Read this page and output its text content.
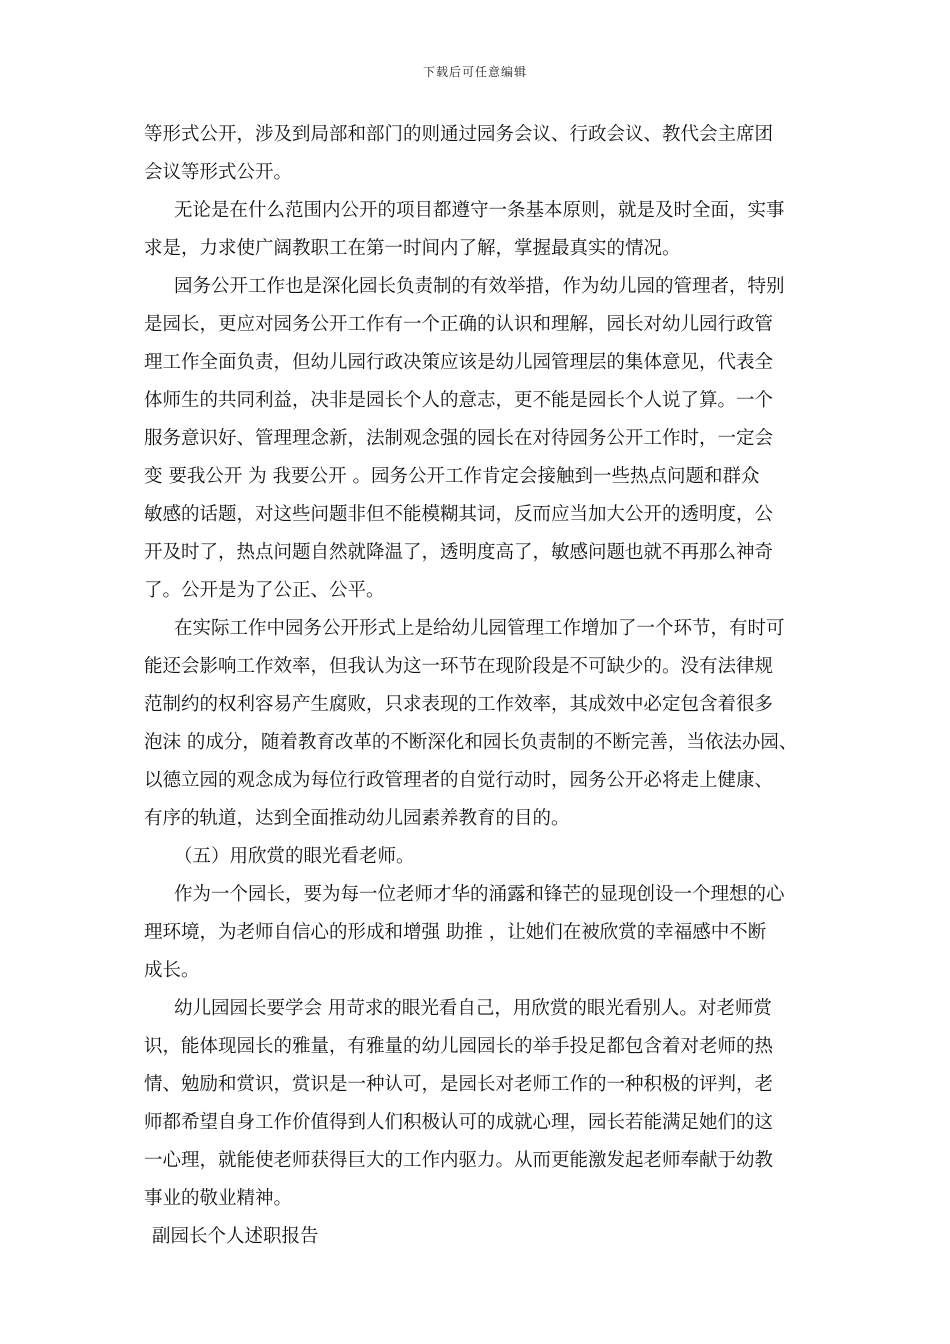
下载后可任意编辑
等形式公开，涉及到局部和部门的则通过园务会议、行政会议、教代会主席团
会议等形式公开。
无论是在什么范围内公开的项目都遵守一条基本原则，就是及时全面，实事
求是，力求使广阔教职工在第一时间内了解，掌握最真实的情况。
园务公开工作也是深化园长负责制的有效举措，作为幼儿园的管理者，特别
是园长，更应对园务公开工作有一个正确的认识和理解，园长对幼儿园行政管
理工作全面负责，但幼儿园行政决策应该是幼儿园管理层的集体意见，代表全
体师生的共同利益，决非是园长个人的意志，更不能是园长个人说了算。一个
服务意识好、管理理念新，法制观念强的园长在对待园务公开工作时，一定会
变 要我公开 为 我要公开 。园务公开工作肯定会接触到一些热点问题和群众
敏感的话题，对这些问题非但不能模糊其词，反而应当加大公开的透明度，公
开及时了，热点问题自然就降温了，透明度高了，敏感问题也就不再那么神奇
了。公开是为了公正、公平。
在实际工作中园务公开形式上是给幼儿园管理工作增加了一个环节，有时可
能还会影响工作效率，但我认为这一环节在现阶段是不可缺少的。没有法律规
范制约的权利容易产生腐败，只求表现的工作效率，其成效中必定包含着很多
泡沫 的成分，随着教育改革的不断深化和园长负责制的不断完善，当依法办园、
以德立园的观念成为每位行政管理者的自觉行动时，园务公开必将走上健康、
有序的轨道，达到全面推动幼儿园素养教育的目的。
（五）用欣赏的眼光看老师。
作为一个园长，要为每一位老师才华的涌露和锋芒的显现创设一个理想的心
理环境，为老师自信心的形成和增强 助推 ，让她们在被欣赏的幸福感中不断
成长。
幼儿园园长要学会 用苛求的眼光看自己，用欣赏的眼光看别人。对老师赏
识，能体现园长的雅量，有雅量的幼儿园园长的举手投足都包含着对老师的热
情、勉励和赏识，赏识是一种认可，是园长对老师工作的一种积极的评判，老
师都希望自身工作价值得到人们积极认可的成就心理，园长若能满足她们的这
一心理，就能使老师获得巨大的工作内驱力。从而更能激发起老师奉献于幼教
事业的敬业精神。
副园长个人述职报告
